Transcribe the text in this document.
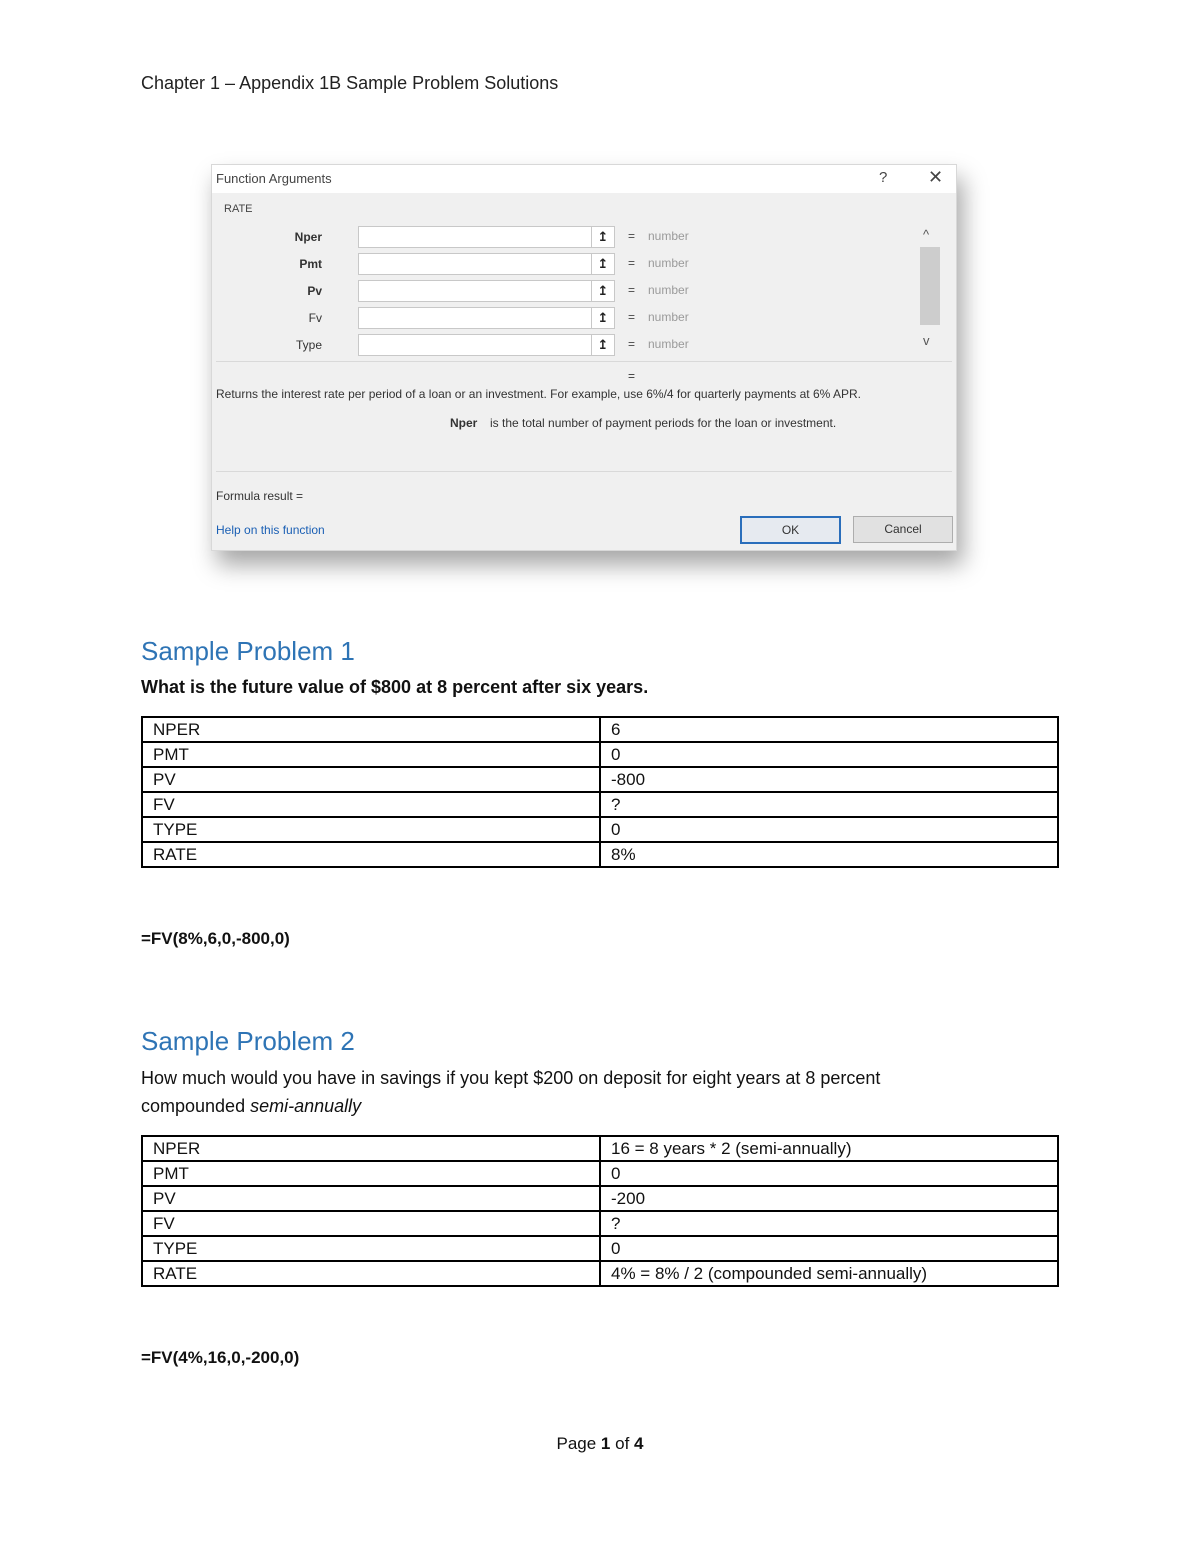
Chapter 1 – Appendix 1B Sample Problem Solutions
Function Arguments	? ✕
RATE
Nper	↥	= number
Pmt	↥	= number
Pv	↥	= number
Fv	↥	= number
Type	↥	= number
^
v
=
Returns the interest rate per period of a loan or an investment. For example, use 6%/4 for quarterly payments at 6% APR.
Nper is the total number of payment periods for the loan or investment.
Formula result =
Help on this function	OK	Cancel
Sample Problem 1
What is the future value of $800 at 8 percent after six years.
NPER	6
PMT	0
PV	-800
FV	?
TYPE	0
RATE	8%
=FV(8%,6,0,-800,0)
Sample Problem 2
How much would you have in savings if you kept $200 on deposit for eight years at 8 percent
compounded semi-annually
NPER	16 = 8 years * 2 (semi-annually)
PMT	0
PV	-200
FV	?
TYPE	0
RATE	4% = 8% / 2 (compounded semi-annually)
=FV(4%,16,0,-200,0)
Page 1 of 4
